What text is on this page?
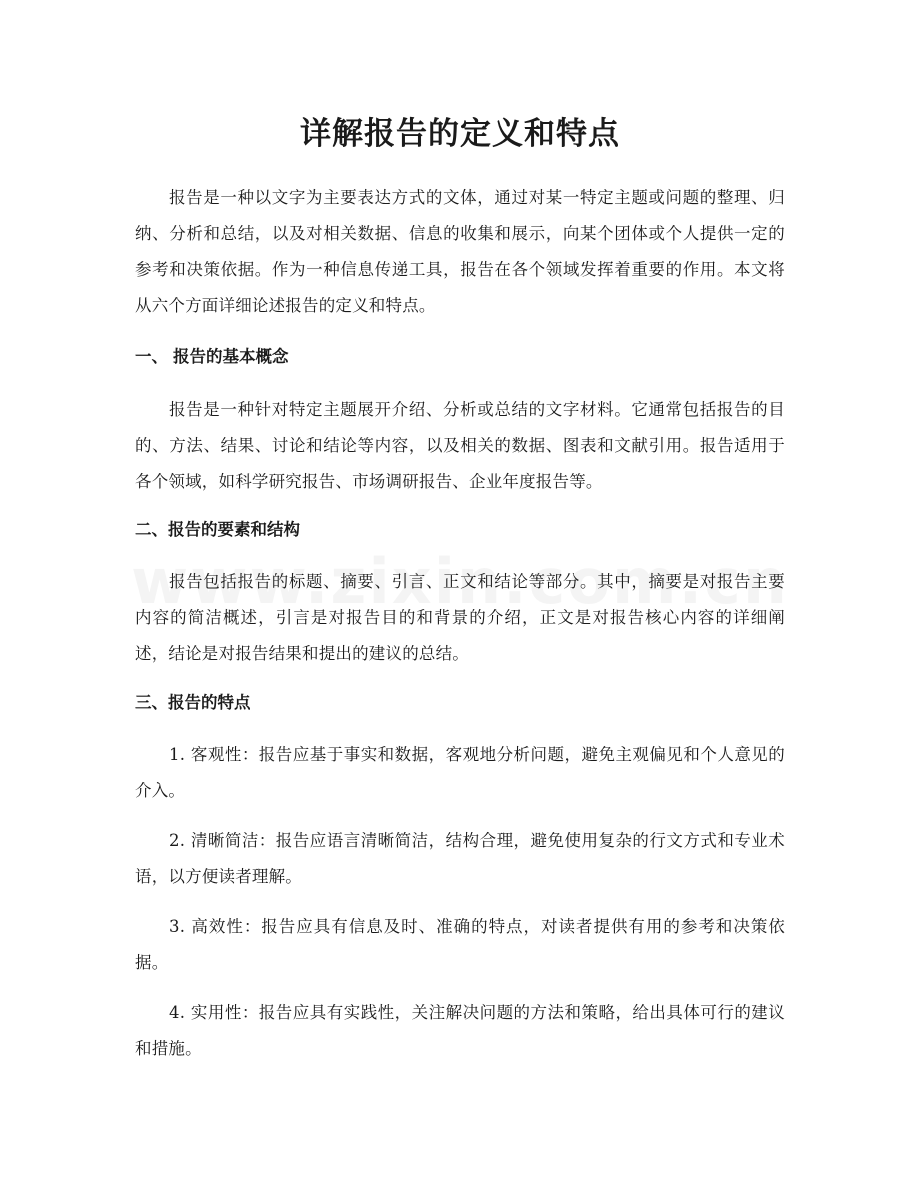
详解报告的定义和特点

报告是一种以文字为主要表达方式的文体，通过对某一特定主题或问题的整理、归纳、分析和总结，以及对相关数据、信息的收集和展示，向某个团体或个人提供一定的参考和决策依据。作为一种信息传递工具，报告在各个领域发挥着重要的作用。本文将从六个方面详细论述报告的定义和特点。

一、 报告的基本概念

报告是一种针对特定主题展开介绍、分析或总结的文字材料。它通常包括报告的目的、方法、结果、讨论和结论等内容，以及相关的数据、图表和文献引用。报告适用于各个领域，如科学研究报告、市场调研报告、企业年度报告等。

二、报告的要素和结构

报告包括报告的标题、摘要、引言、正文和结论等部分。其中，摘要是对报告主要内容的简洁概述，引言是对报告目的和背景的介绍，正文是对报告核心内容的详细阐述，结论是对报告结果和提出的建议的总结。

三、报告的特点

1. 客观性：报告应基于事实和数据，客观地分析问题，避免主观偏见和个人意见的介入。

2. 清晰简洁：报告应语言清晰简洁，结构合理，避免使用复杂的行文方式和专业术语，以方便读者理解。

3. 高效性：报告应具有信息及时、准确的特点，对读者提供有用的参考和决策依据。

4. 实用性：报告应具有实践性，关注解决问题的方法和策略，给出具体可行的建议和措施。
